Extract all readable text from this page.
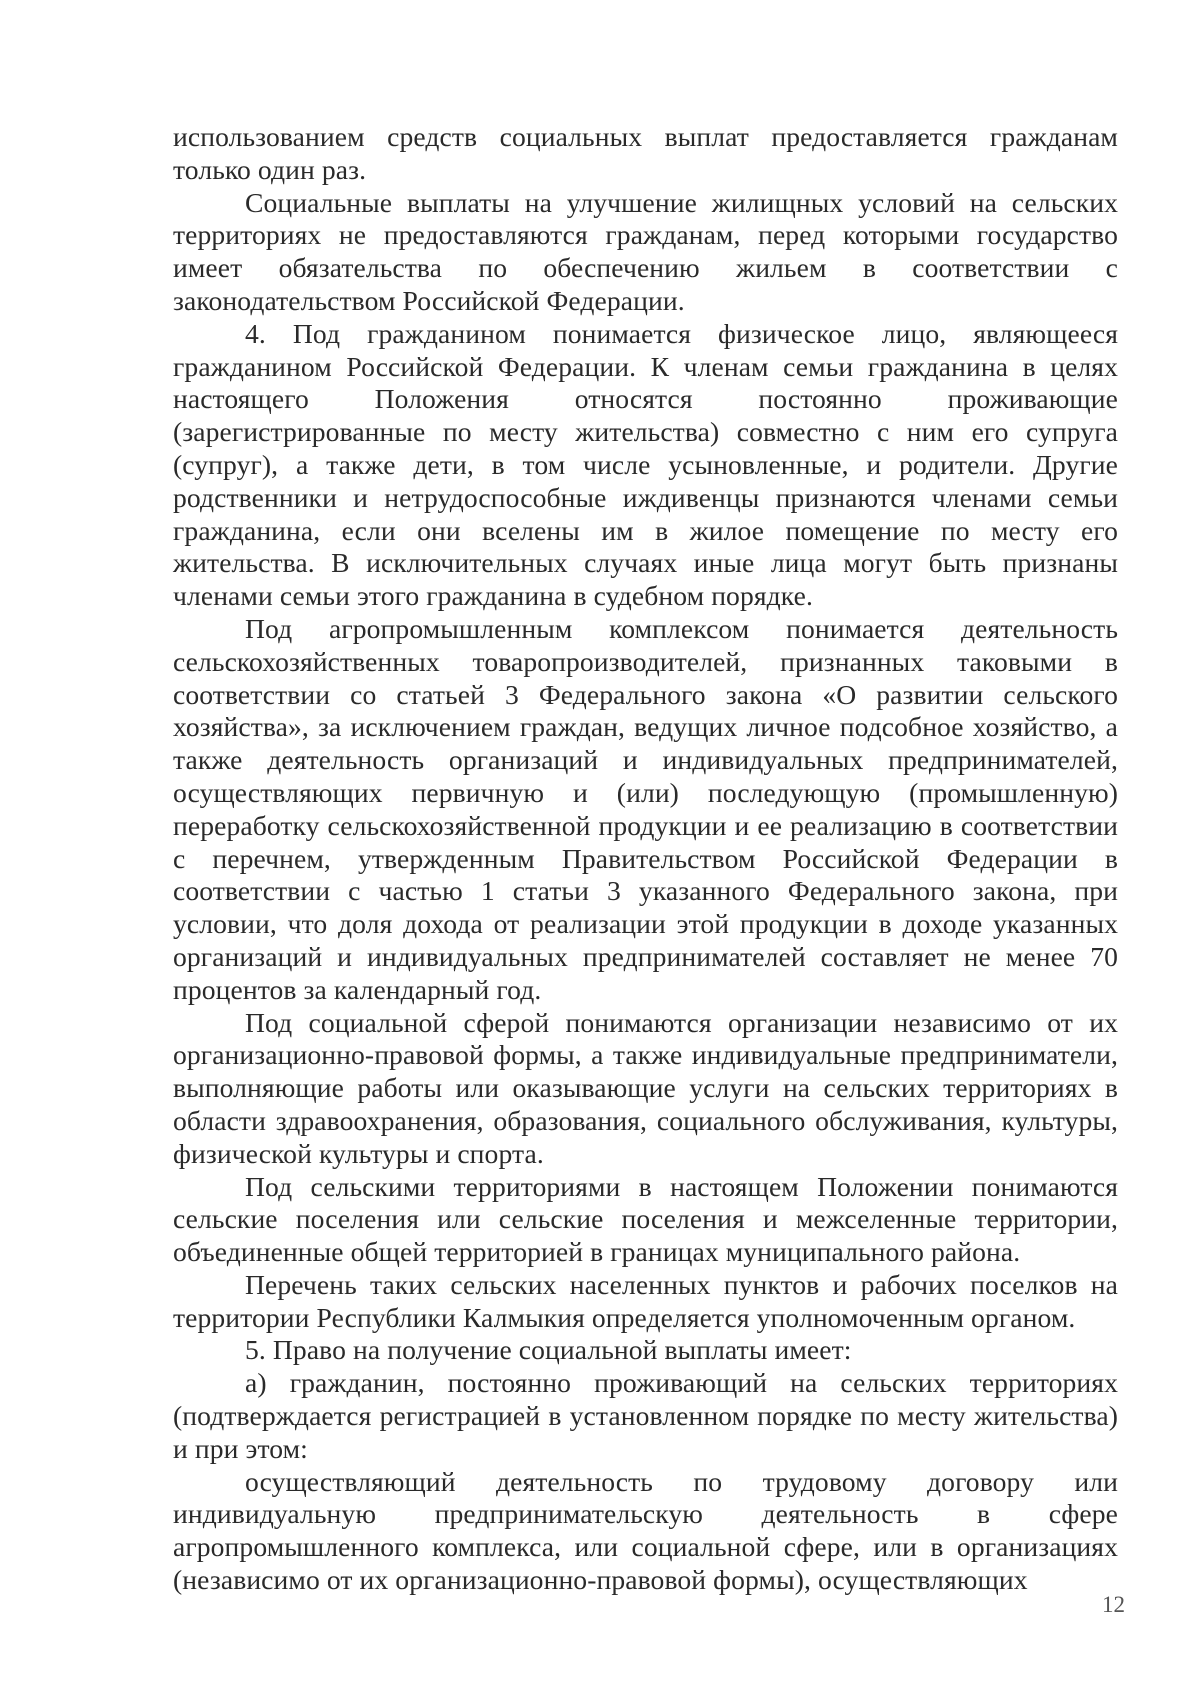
использованием средств социальных выплат предоставляется гражданам только один раз.

Социальные выплаты на улучшение жилищных условий на сельских территориях не предоставляются гражданам, перед которыми государство имеет обязательства по обеспечению жильем в соответствии с законодательством Российской Федерации.

4. Под гражданином понимается физическое лицо, являющееся гражданином Российской Федерации. К членам семьи гражданина в целях настоящего Положения относятся постоянно проживающие (зарегистрированные по месту жительства) совместно с ним его супруга (супруг), а также дети, в том числе усыновленные, и родители. Другие родственники и нетрудоспособные иждивенцы признаются членами семьи гражданина, если они вселены им в жилое помещение по месту его жительства. В исключительных случаях иные лица могут быть признаны членами семьи этого гражданина в судебном порядке.

Под агропромышленным комплексом понимается деятельность сельскохозяйственных товаропроизводителей, признанных таковыми в соответствии со статьей 3 Федерального закона «О развитии сельского хозяйства», за исключением граждан, ведущих личное подсобное хозяйство, а также деятельность организаций и индивидуальных предпринимателей, осуществляющих первичную и (или) последующую (промышленную) переработку сельскохозяйственной продукции и ее реализацию в соответствии с перечнем, утвержденным Правительством Российской Федерации в соответствии с частью 1 статьи 3 указанного Федерального закона, при условии, что доля дохода от реализации этой продукции в доходе указанных организаций и индивидуальных предпринимателей составляет не менее 70 процентов за календарный год.

Под социальной сферой понимаются организации независимо от их организационно-правовой формы, а также индивидуальные предприниматели, выполняющие работы или оказывающие услуги на сельских территориях в области здравоохранения, образования, социального обслуживания, культуры, физической культуры и спорта.

Под сельскими территориями в настоящем Положении понимаются сельские поселения или сельские поселения и межселенные территории, объединенные общей территорией в границах муниципального района.

Перечень таких сельских населенных пунктов и рабочих поселков на территории Республики Калмыкия определяется уполномоченным органом.

5. Право на получение социальной выплаты имеет:

а) гражданин, постоянно проживающий на сельских территориях (подтверждается регистрацией в установленном порядке по месту жительства) и при этом:

осуществляющий деятельность по трудовому договору или индивидуальную предпринимательскую деятельность в сфере агропромышленного комплекса, или социальной сфере, или в организациях (независимо от их организационно-правовой формы), осуществляющих

12
